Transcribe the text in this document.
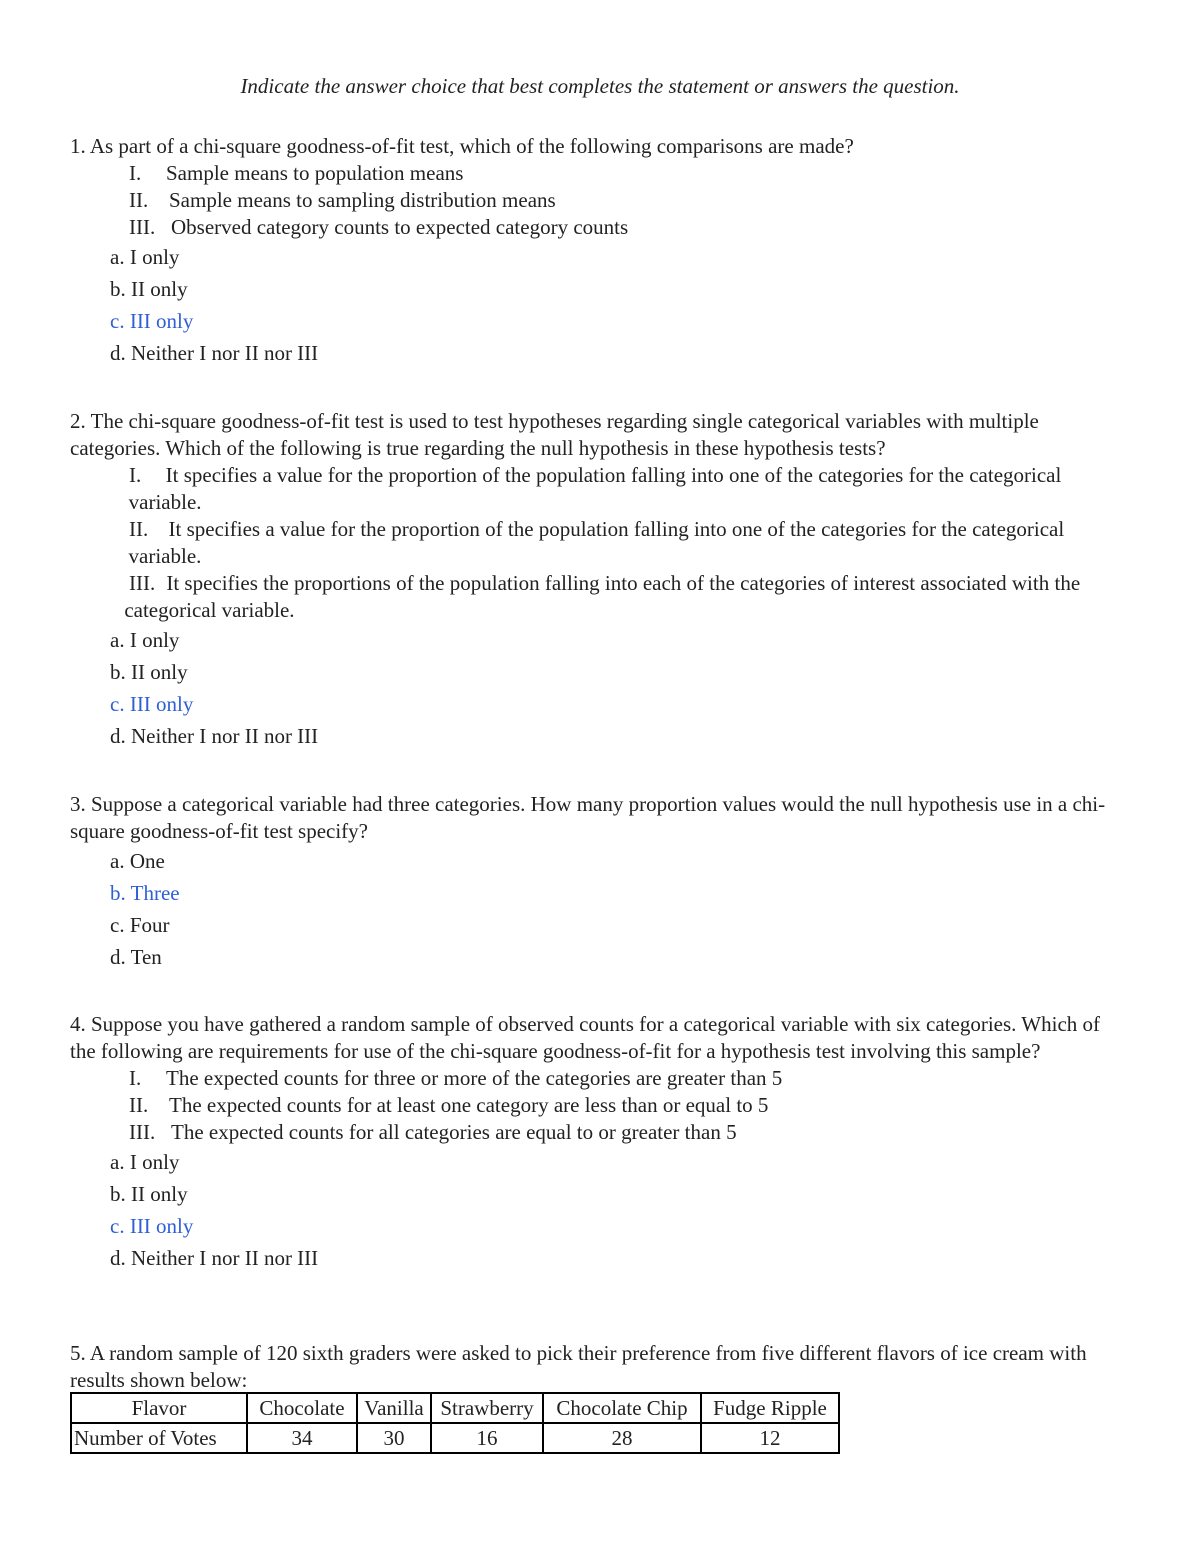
Indicate the answer choice that best completes the statement or answers the question.

1. As part of a chi-square goodness-of-fit test, which of the following comparisons are made?

I.	Sample means to population means
II. Sample means to sampling distribution means
III. Observed category counts to expected category counts
a. I only
b. II only
c. III only
d. Neither I nor II nor III

2. The chi-square goodness-of-fit test is used to test hypotheses regarding single categorical variables with multiple categories. Which of the following is true regarding the null hypothesis in these hypothesis tests?

I.	It specifies a value for the proportion of the population falling into one of the categories for the categorical variable.
II. It specifies a value for the proportion of the population falling into one of the categories for the categorical variable.
III. It specifies the proportions of the population falling into each of the categories of interest associated with the categorical variable.
a. I only
b. II only
c. III only
d. Neither I nor II nor III

3. Suppose a categorical variable had three categories. How many proportion values would the null hypothesis use in a chi-square goodness-of-fit test specify?

a. One
b. Three
c. Four
d. Ten

4. Suppose you have gathered a random sample of observed counts for a categorical variable with six categories. Which of the following are requirements for use of the chi-square goodness-of-fit for a hypothesis test involving this sample?

I.	The expected counts for three or more of the categories are greater than 5
II. The expected counts for at least one category are less than or equal to 5
III. The expected counts for all categories are equal to or greater than 5
a. I only
b. II only
c. III only
d. Neither I nor II nor III

5. A random sample of 120 sixth graders were asked to pick their preference from five different flavors of ice cream with results shown below:

Flavor	Chocolate	Vanilla	Strawberry	Chocolate Chip	Fudge Ripple
Number of Votes	34	30	16	28	12
